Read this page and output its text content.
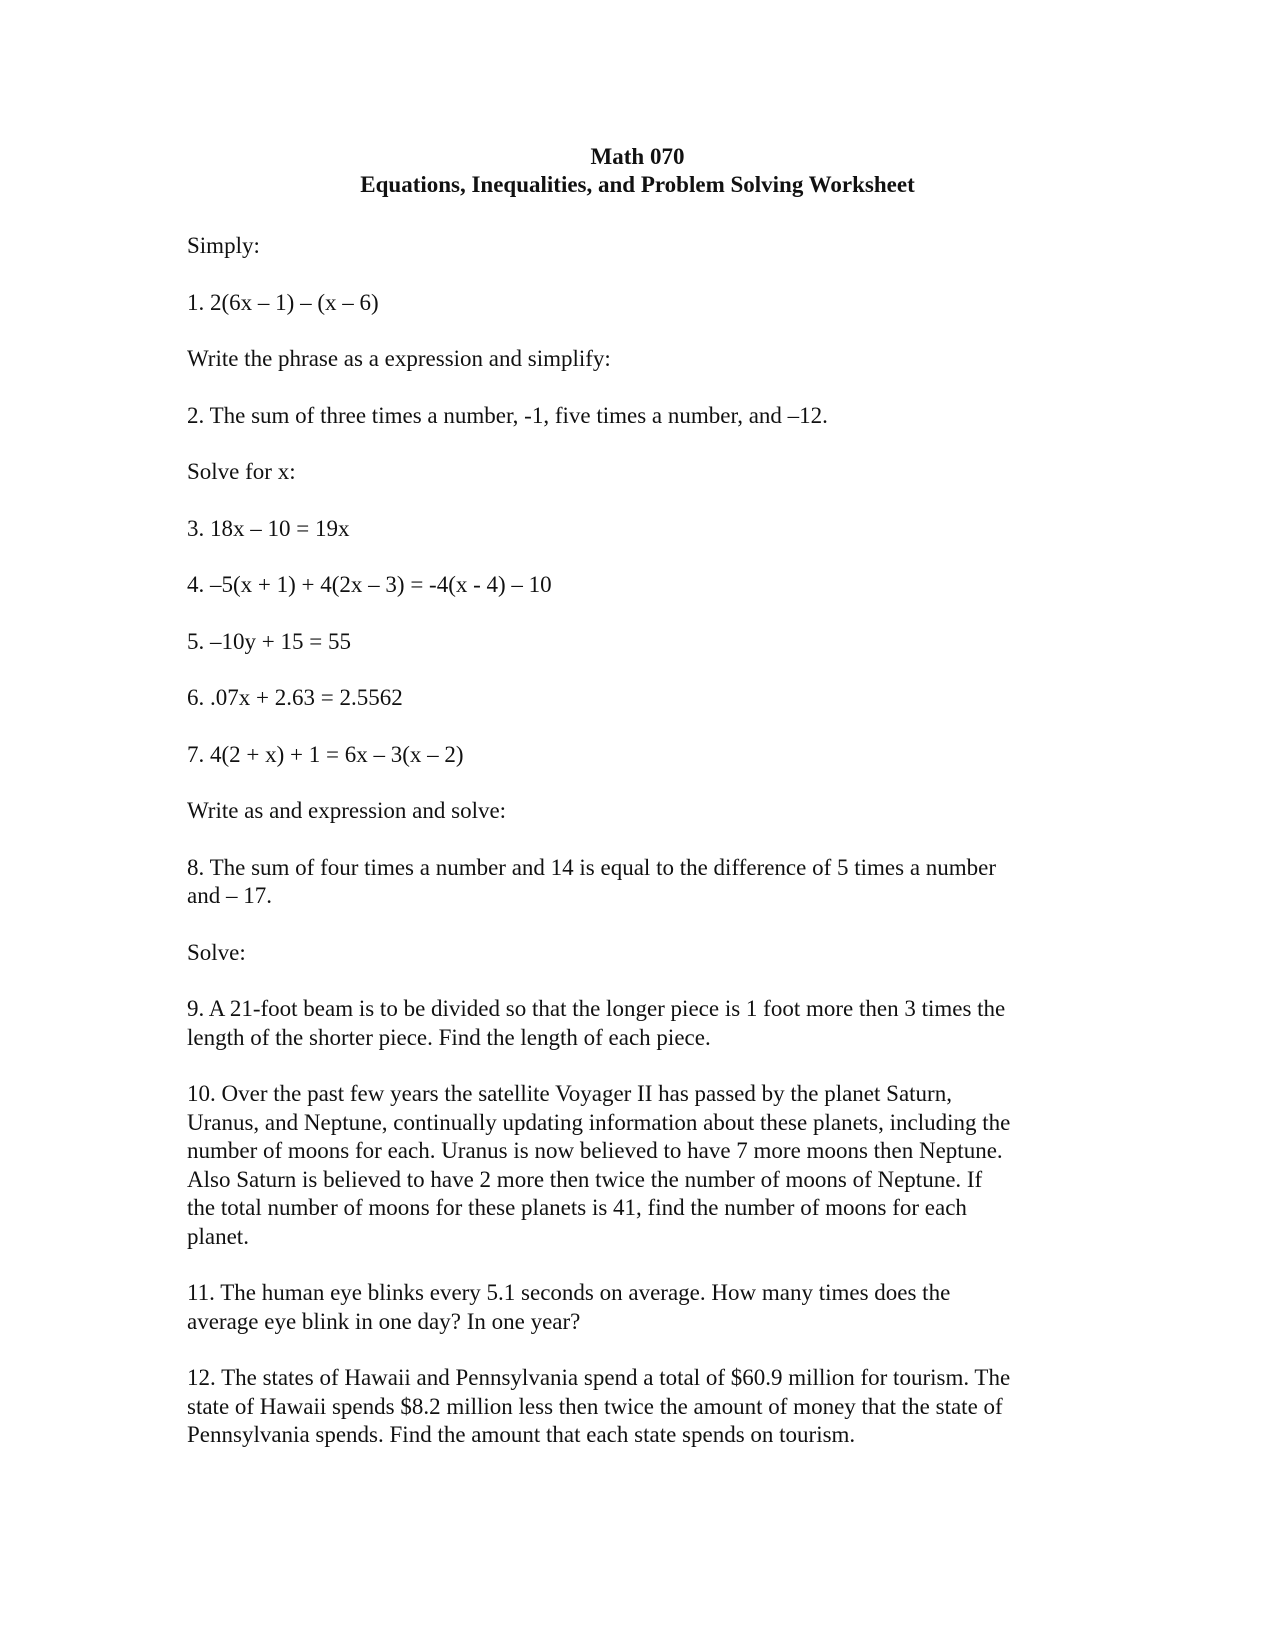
Math 070
Equations, Inequalities, and Problem Solving Worksheet

Simply:

1. 2(6x – 1) – (x – 6)

Write the phrase as a expression and simplify:

2. The sum of three times a number, -1, five times a number, and –12.

Solve for x:

3. 18x – 10 = 19x

4. –5(x + 1) + 4(2x – 3) = -4(x - 4) – 10

5. –10y + 15 = 55

6. .07x + 2.63 = 2.5562

7. 4(2 + x) + 1 = 6x – 3(x – 2)

Write as and expression and solve:

8. The sum of four times a number and 14 is equal to the difference of 5 times a number

and – 17.

Solve:

9. A 21-foot beam is to be divided so that the longer piece is 1 foot more then 3 times the

length of the shorter piece. Find the length of each piece.

10. Over the past few years the satellite Voyager II has passed by the planet Saturn,

Uranus, and Neptune, continually updating information about these planets, including the

number of moons for each. Uranus is now believed to have 7 more moons then Neptune.

Also Saturn is believed to have 2 more then twice the number of moons of Neptune. If

the total number of moons for these planets is 41, find the number of moons for each

planet.

11. The human eye blinks every 5.1 seconds on average. How many times does the

average eye blink in one day? In one year?

12. The states of Hawaii and Pennsylvania spend a total of $60.9 million for tourism. The

state of Hawaii spends $8.2 million less then twice the amount of money that the state of

Pennsylvania spends. Find the amount that each state spends on tourism.
